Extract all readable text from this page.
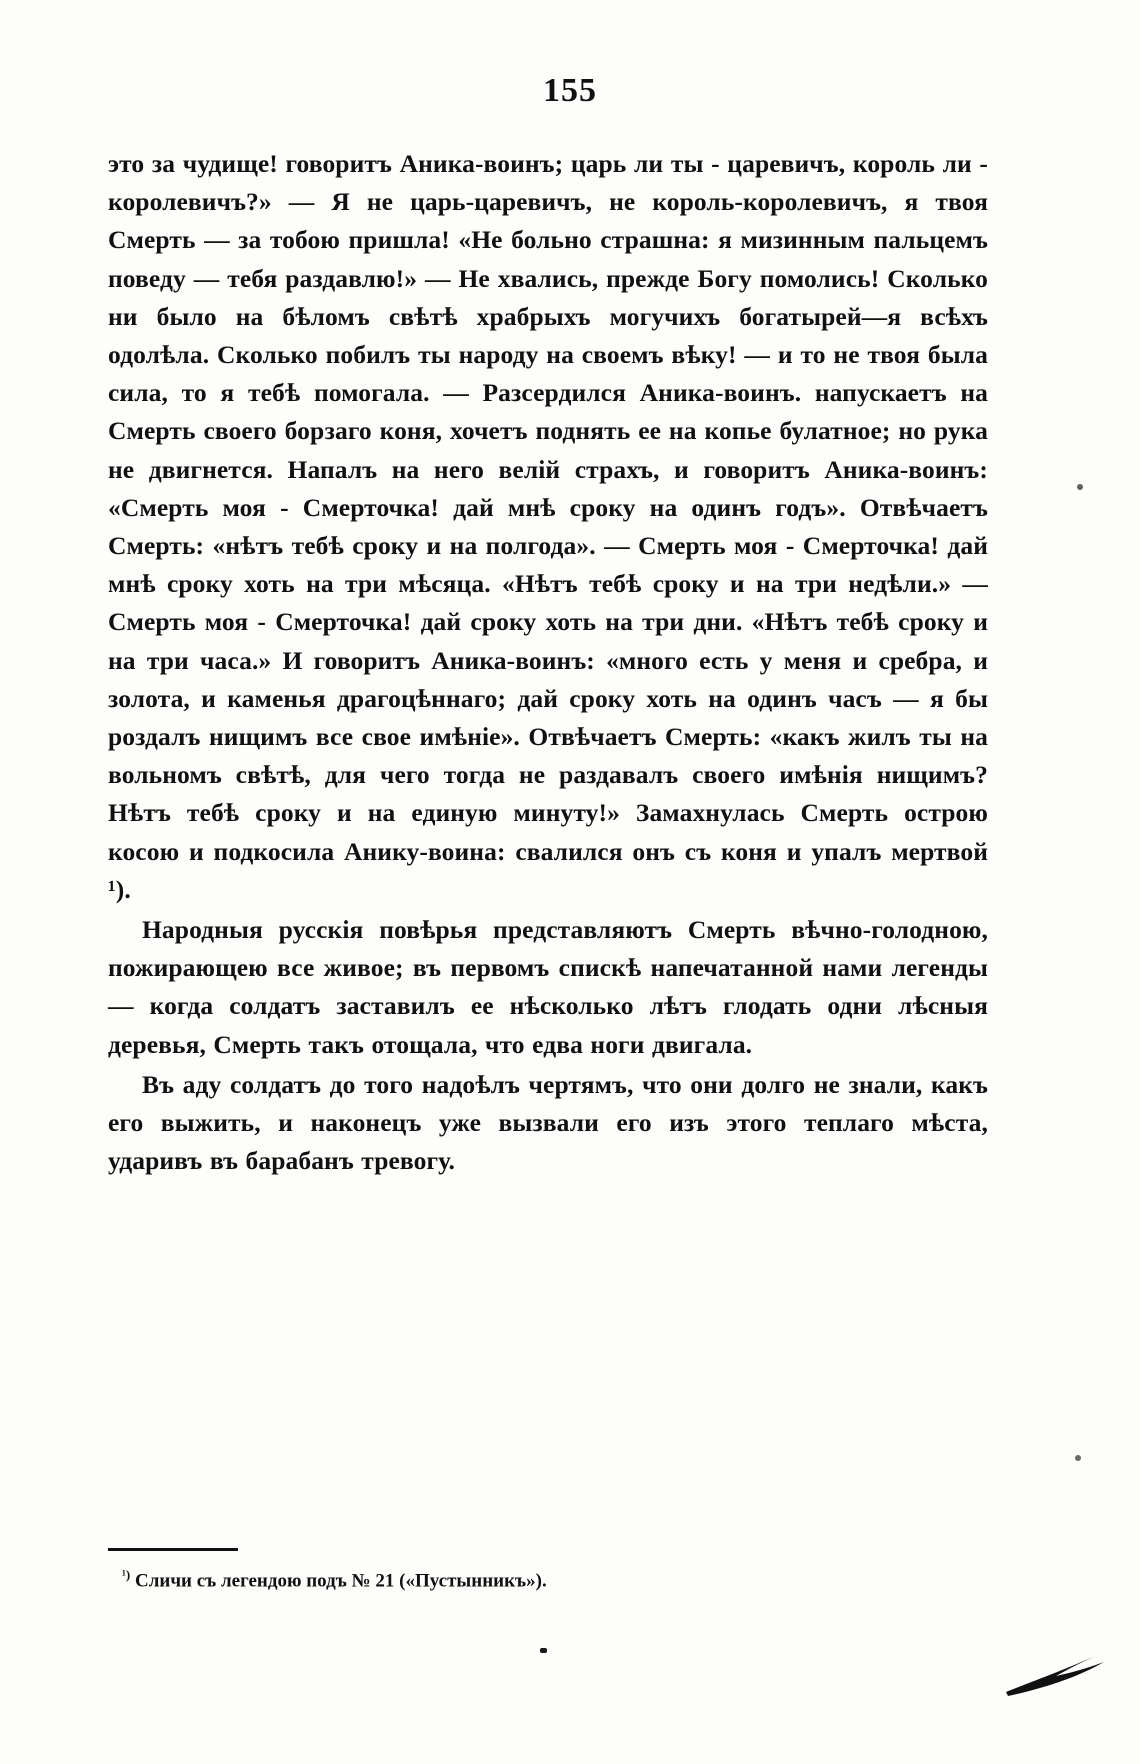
155

это за чудище! говоритъ Аника-воинъ; царь ли ты - царевичъ, король ли - королевичъ?» — Я не царь-царевичъ, не король-королевичъ, я твоя Смерть — за тобою пришла! «Не больно страшна: я мизинным пальцемъ поведу — тебя раздавлю!» — Не хвались, прежде Богу помолись! Сколько ни было на бѣломъ свѣтѣ храбрыхъ могучихъ богатырей—я всѣхъ одолѣла. Сколько побилъ ты народу на своемъ вѣку! — и то не твоя была сила, то я тебѣ помогала. — Разсердился Аника-воинъ. напускаетъ на Смерть своего борзаго коня, хочетъ поднять ее на копье булатное; но рука не двигнется. Напалъ на него велій страхъ, и говоритъ Аника-воинъ: «Смерть моя - Смерточка! дай мнѣ сроку на одинъ годъ». Отвѣчаетъ Смерть: «нѣтъ тебѣ сроку и на полгода». — Смерть моя - Смерточка! дай мнѣ сроку хоть на три мѣсяца. «Нѣтъ тебѣ сроку и на три недѣли.» — Смерть моя - Смерточка! дай сроку хоть на три дни. «Нѣтъ тебѣ сроку и на три часа.» И говоритъ Аника-воинъ: «много есть у меня и сребра, и золота, и каменья драгоцѣннаго; дай сроку хоть на одинъ часъ — я бы роздалъ нищимъ все свое имѣніе». Отвѣчаетъ Смерть: «какъ жилъ ты на вольномъ свѣтѣ, для чего тогда не раздавалъ своего имѣнія нищимъ? Нѣтъ тебѣ сроку и на единую минуту!» Замахнулась Смерть острою косою и подкосила Анику-воина: свалился онъ съ коня и упалъ мертвой ¹).

Народныя русскія повѣрья представляютъ Смерть вѣчно-голодною, пожирающею все живое; въ первомъ спискѣ напечатанной нами легенды — когда солдатъ заставилъ ее нѣсколько лѣтъ глодать одни лѣсныя деревья, Смерть такъ отощала, что едва ноги двигала.

Въ аду солдатъ до того надоѣлъ чертямъ, что они долго не знали, какъ его выжить, и наконецъ уже вызвали его изъ этого теплаго мѣста, ударивъ въ барабанъ тревогу.

$^{^1)}$ Сличи съ легендою подъ № 21 («Пустынникъ»).
